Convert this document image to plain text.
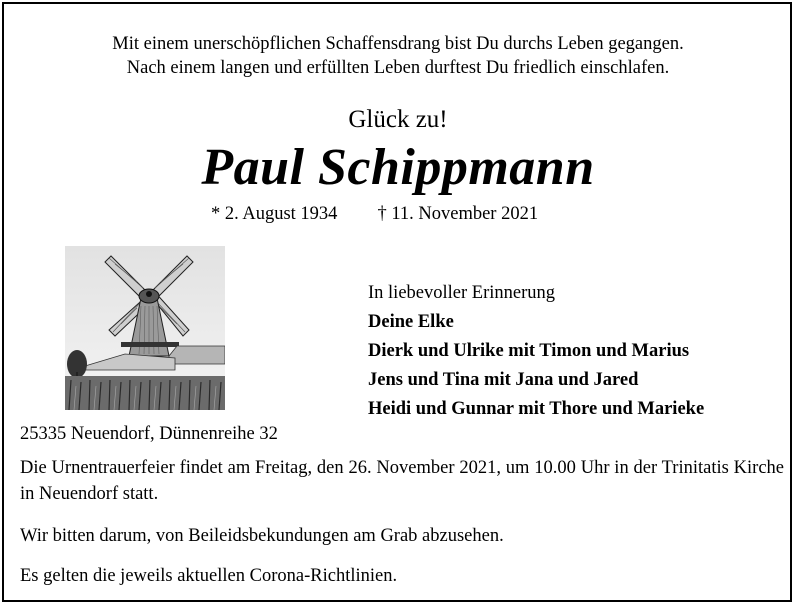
Mit einem unerschöpflichen Schaffensdrang bist Du durchs Leben gegangen.
Nach einem langen und erfüllten Leben durftest Du friedlich einschlafen.
Glück zu!
Paul Schippmann
* 2. August 1934 † 11. November 2021
In liebevoller Erinnerung
Deine Elke
Dierk und Ulrike mit Timon und Marius
Jens und Tina mit Jana und Jared
Heidi und Gunnar mit Thore und Marieke
25335 Neuendorf, Dünnenreihe 32
Die Urnentrauerfeier findet am Freitag, den 26. November 2021, um 10.00 Uhr in der Trinitatis Kirche in Neuendorf statt.
Wir bitten darum, von Beileidsbekundungen am Grab abzusehen.
Es gelten die jeweils aktuellen Corona-Richtlinien.
